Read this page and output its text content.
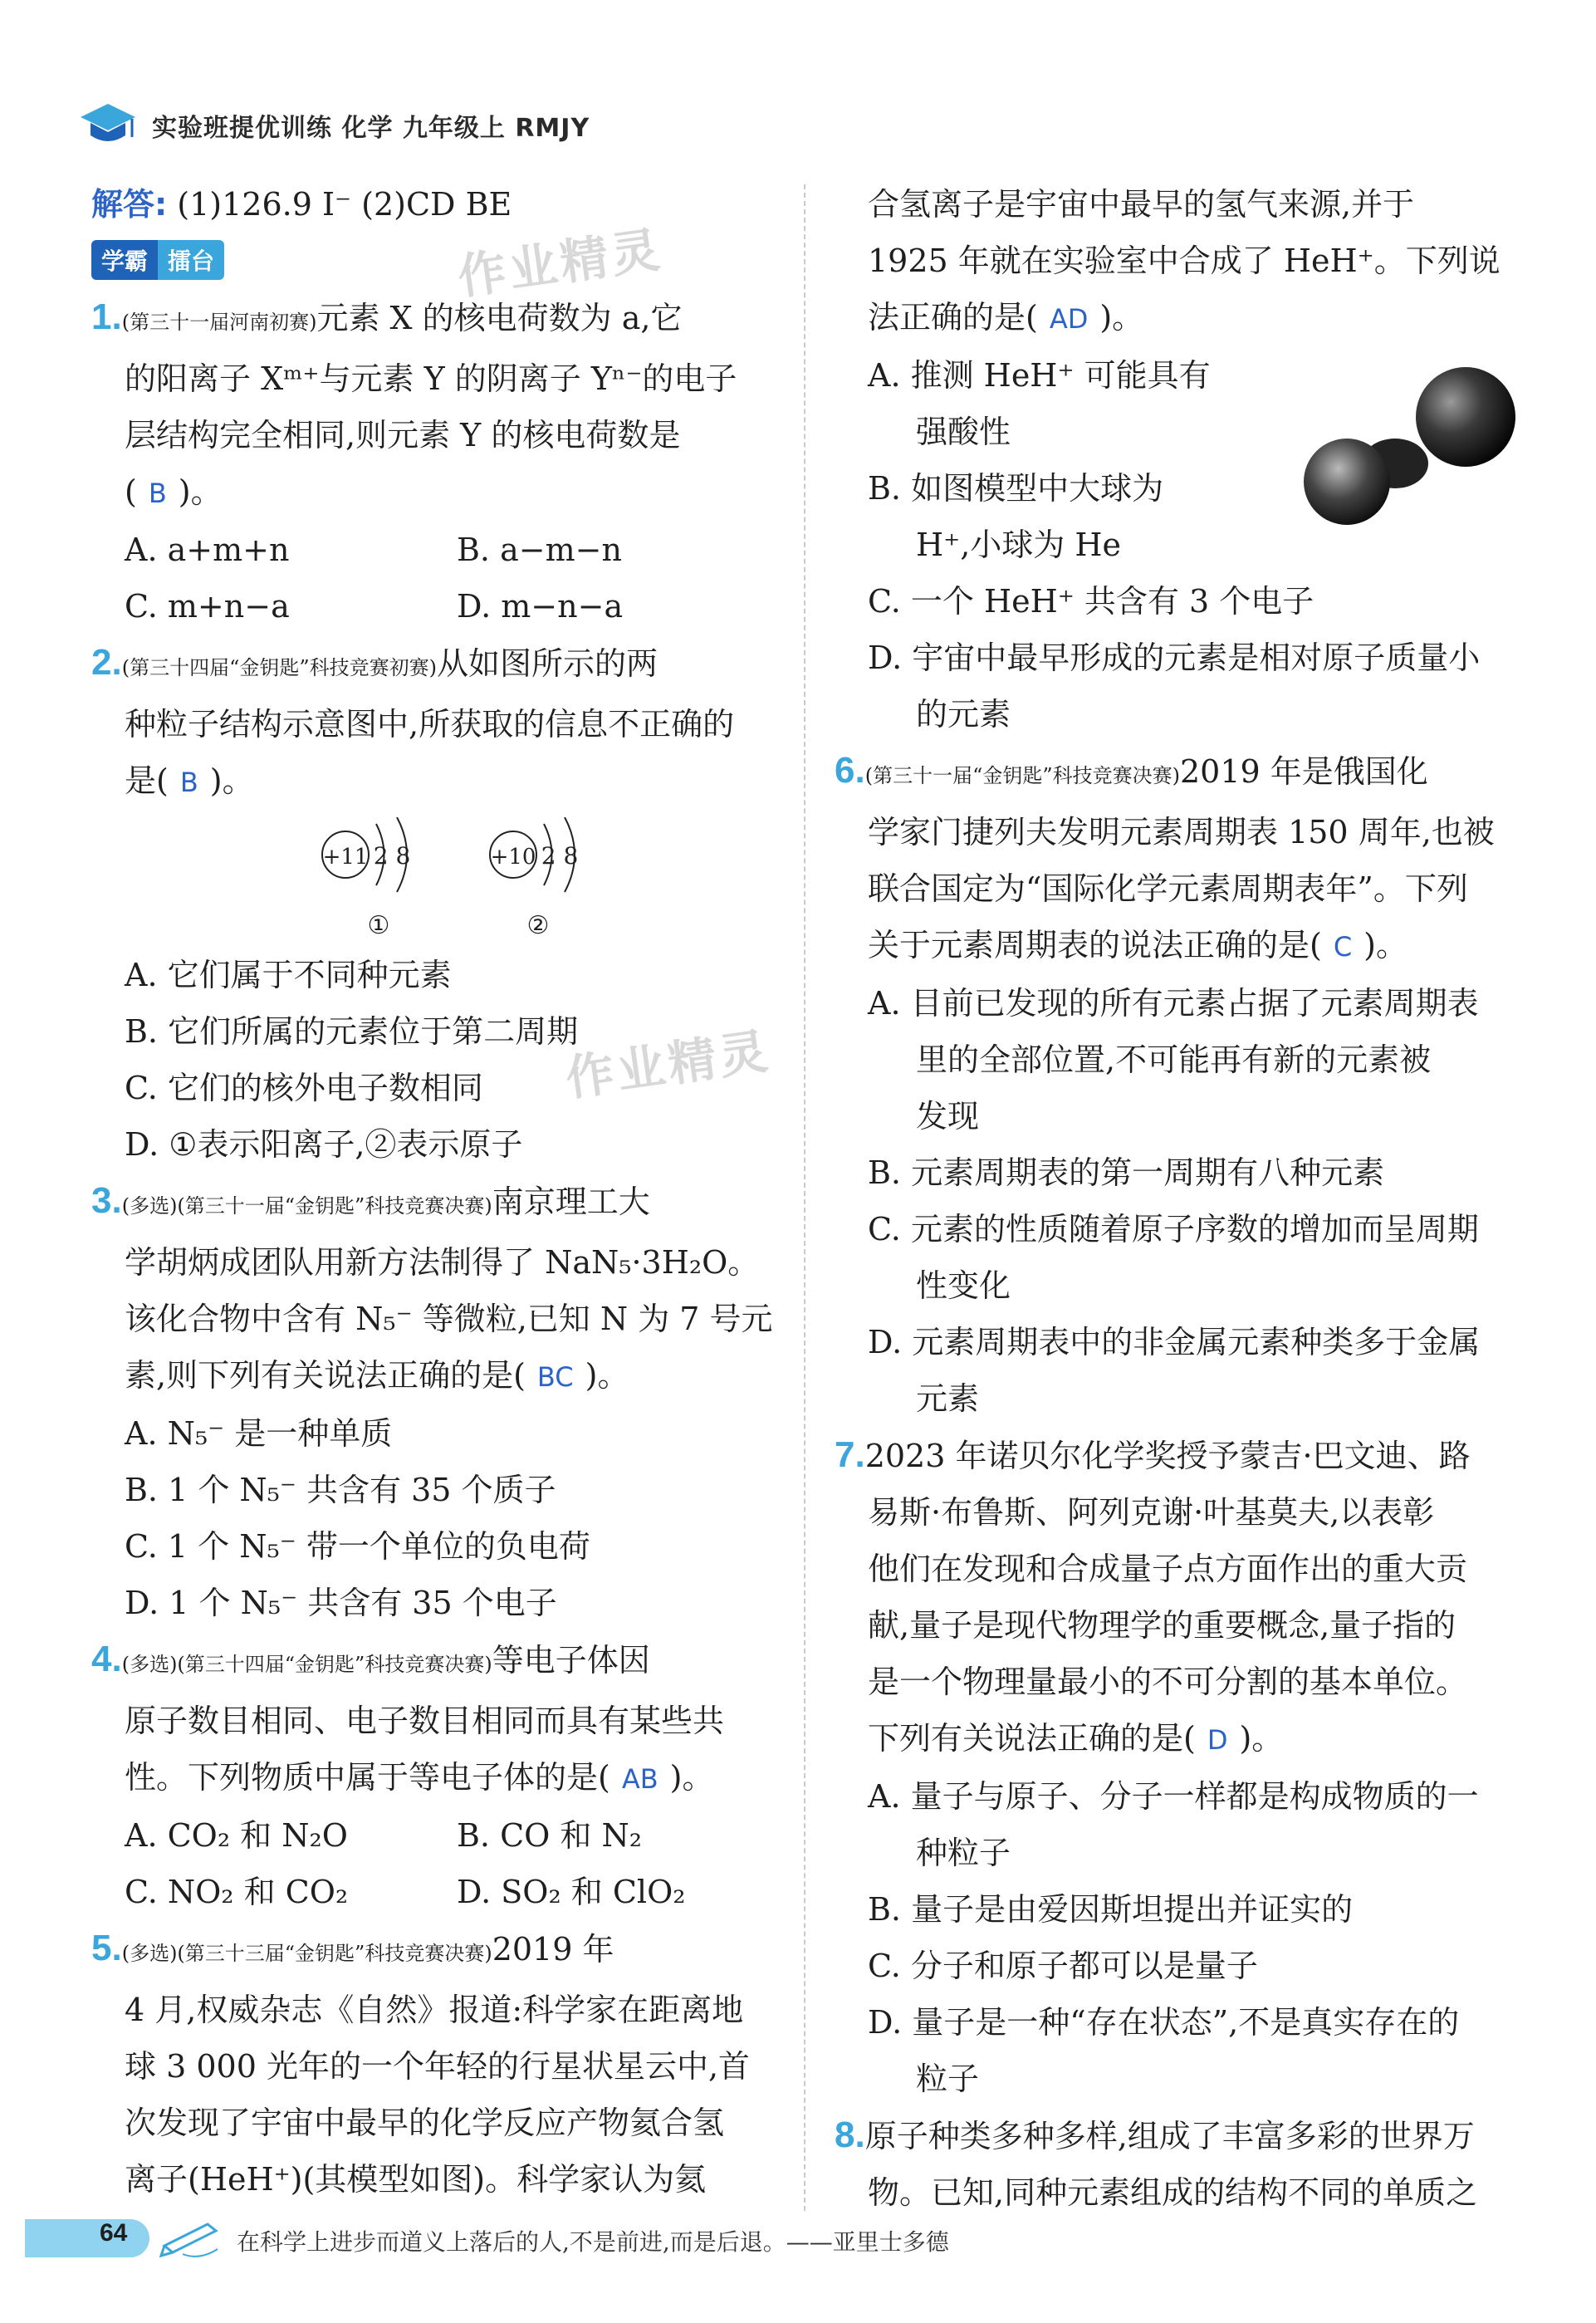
实验班提优训练 化学 九年级上 RMJY
作业精灵
作业精灵
解答: (1)126.9 I⁻ (2)CD BE
学霸 擂台
1.(第三十一届河南初赛)元素 X 的核电荷数为 a,它
的阳离子 Xᵐ⁺与元素 Y 的阴离子 Yⁿ⁻的电子
层结构完全相同,则元素 Y 的核电荷数是
( B )。
A. a+m+n	B. a−m−n
C. m+n−a	D. m−n−a
2.(第三十四届“金钥匙”科技竞赛初赛)从如图所示的两
种粒子结构示意图中,所获取的信息不正确的
是( B )。
+11 2 8
①
+10 2 8
②
A. 它们属于不同种元素
B. 它们所属的元素位于第二周期
C. 它们的核外电子数相同
D. ①表示阳离子,②表示原子
3.(多选)(第三十一届“金钥匙”科技竞赛决赛)南京理工大
学胡炳成团队用新方法制得了 NaN₅·3H₂O。
该化合物中含有 N₅⁻ 等微粒,已知 N 为 7 号元
素,则下列有关说法正确的是( BC )。
A. N₅⁻ 是一种单质
B. 1 个 N₅⁻ 共含有 35 个质子
C. 1 个 N₅⁻ 带一个单位的负电荷
D. 1 个 N₅⁻ 共含有 35 个电子
4.(多选)(第三十四届“金钥匙”科技竞赛决赛)等电子体因
原子数目相同、电子数目相同而具有某些共
性。下列物质中属于等电子体的是( AB )。
A. CO₂ 和 N₂O	B. CO 和 N₂
C. NO₂ 和 CO₂	D. SO₂ 和 ClO₂
5.(多选)(第三十三届“金钥匙”科技竞赛决赛)2019 年
4 月,权威杂志《自然》报道:科学家在距离地
球 3 000 光年的一个年轻的行星状星云中,首
次发现了宇宙中最早的化学反应产物氦合氢
离子(HeH⁺)(其模型如图)。科学家认为氦
合氢离子是宇宙中最早的氢气来源,并于
1925 年就在实验室中合成了 HeH⁺。下列说
法正确的是( AD )。
A. 推测 HeH⁺ 可能具有
强酸性
B. 如图模型中大球为
H⁺,小球为 He
C. 一个 HeH⁺ 共含有 3 个电子
D. 宇宙中最早形成的元素是相对原子质量小
的元素
6.(第三十一届“金钥匙”科技竞赛决赛)2019 年是俄国化
学家门捷列夫发明元素周期表 150 周年,也被
联合国定为“国际化学元素周期表年”。下列
关于元素周期表的说法正确的是( C )。
A. 目前已发现的所有元素占据了元素周期表
里的全部位置,不可能再有新的元素被
发现
B. 元素周期表的第一周期有八种元素
C. 元素的性质随着原子序数的增加而呈周期
性变化
D. 元素周期表中的非金属元素种类多于金属
元素
7.2023 年诺贝尔化学奖授予蒙吉·巴文迪、路
易斯·布鲁斯、阿列克谢·叶基莫夫,以表彰
他们在发现和合成量子点方面作出的重大贡
献,量子是现代物理学的重要概念,量子指的
是一个物理量最小的不可分割的基本单位。
下列有关说法正确的是( D )。
A. 量子与原子、分子一样都是构成物质的一
种粒子
B. 量子是由爱因斯坦提出并证实的
C. 分子和原子都可以是量子
D. 量子是一种“存在状态”,不是真实存在的
粒子
8.原子种类多种多样,组成了丰富多彩的世界万
物。已知,同种元素组成的结构不同的单质之
64	在科学上进步而道义上落后的人,不是前进,而是后退。——亚里士多德
